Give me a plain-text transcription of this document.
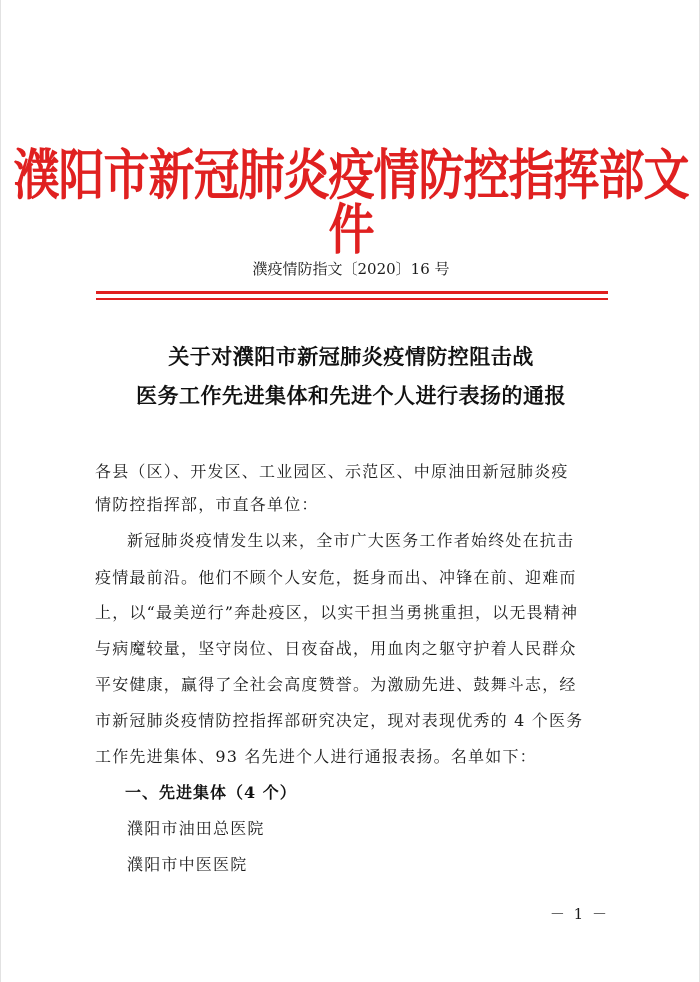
濮阳市新冠肺炎疫情防控指挥部文件
濮疫情防指文〔2020〕16 号
关于对濮阳市新冠肺炎疫情防控阻击战
医务工作先进集体和先进个人进行表扬的通报
各县（区）、开发区、工业园区、示范区、中原油田新冠肺炎疫
情防控指挥部，市直各单位：
新冠肺炎疫情发生以来，全市广大医务工作者始终处在抗击
疫情最前沿。他们不顾个人安危，挺身而出、冲锋在前、迎难而
上，以“最美逆行”奔赴疫区，以实干担当勇挑重担，以无畏精神
与病魔较量，坚守岗位、日夜奋战，用血肉之躯守护着人民群众
平安健康，赢得了全社会高度赞誉。为激励先进、鼓舞斗志，经
市新冠肺炎疫情防控指挥部研究决定，现对表现优秀的 4 个医务
工作先进集体、93 名先进个人进行通报表扬。名单如下：
一、先进集体（4 个）
濮阳市油田总医院
濮阳市中医医院
－ 1 －
